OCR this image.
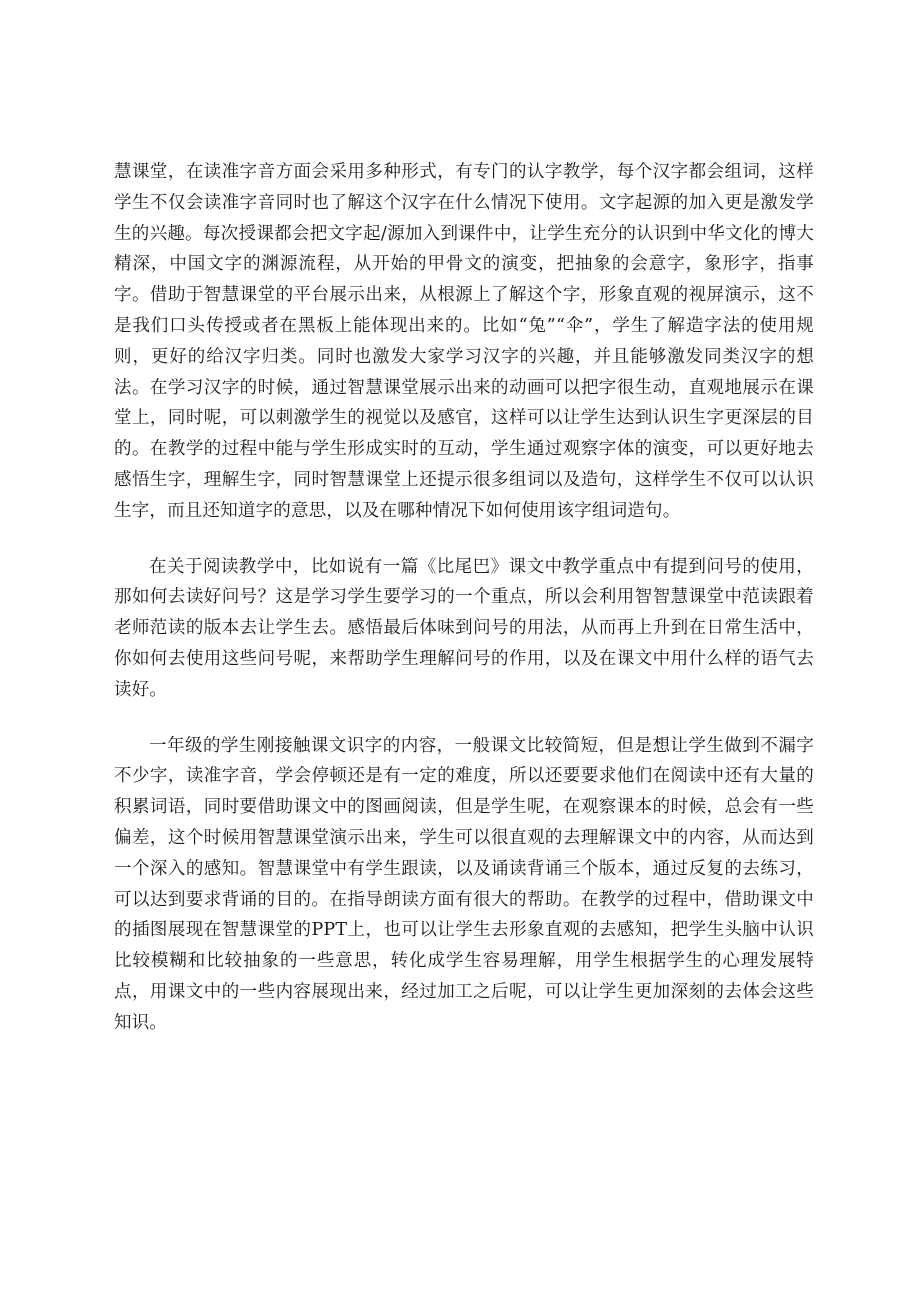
慧课堂，在读准字音方面会采用多种形式，有专门的认字教学，每个汉字都会组词，这样学生不仅会读准字音同时也了解这个汉字在什么情况下使用。文字起源的加入更是激发学生的兴趣。每次授课都会把文字起/源加入到课件中，让学生充分的认识到中华文化的博大精深，中国文字的渊源流程，从开始的甲骨文的演变，把抽象的会意字，象形字，指事字。借助于智慧课堂的平台展示出来，从根源上了解这个字，形象直观的视屏演示，这不是我们口头传授或者在黑板上能体现出来的。比如“兔”“伞”，学生了解造字法的使用规则，更好的给汉字归类。同时也激发大家学习汉字的兴趣，并且能够激发同类汉字的想法。在学习汉字的时候，通过智慧课堂展示出来的动画可以把字很生动，直观地展示在课堂上，同时呢，可以刺激学生的视觉以及感官，这样可以让学生达到认识生字更深层的目的。在教学的过程中能与学生形成实时的互动，学生通过观察字体的演变，可以更好地去感悟生字，理解生字，同时智慧课堂上还提示很多组词以及造句，这样学生不仅可以认识生字，而且还知道字的意思，以及在哪种情况下如何使用该字组词造句。

在关于阅读教学中，比如说有一篇《比尾巴》课文中教学重点中有提到问号的使用，那如何去读好问号？这是学习学生要学习的一个重点，所以会利用智智慧课堂中范读跟着老师范读的版本去让学生去。感悟最后体味到问号的用法，从而再上升到在日常生活中，你如何去使用这些问号呢，来帮助学生理解问号的作用，以及在课文中用什么样的语气去读好。

一年级的学生刚接触课文识字的内容，一般课文比较简短，但是想让学生做到不漏字不少字，读准字音，学会停顿还是有一定的难度，所以还要要求他们在阅读中还有大量的积累词语，同时要借助课文中的图画阅读，但是学生呢，在观察课本的时候，总会有一些偏差，这个时候用智慧课堂演示出来，学生可以很直观的去理解课文中的内容，从而达到一个深入的感知。智慧课堂中有学生跟读，以及诵读背诵三个版本，通过反复的去练习，可以达到要求背诵的目的。在指导朗读方面有很大的帮助。在教学的过程中，借助课文中的插图展现在智慧课堂的PPT上，也可以让学生去形象直观的去感知，把学生头脑中认识比较模糊和比较抽象的一些意思，转化成学生容易理解，用学生根据学生的心理发展特点，用课文中的一些内容展现出来，经过加工之后呢，可以让学生更加深刻的去体会这些知识。
